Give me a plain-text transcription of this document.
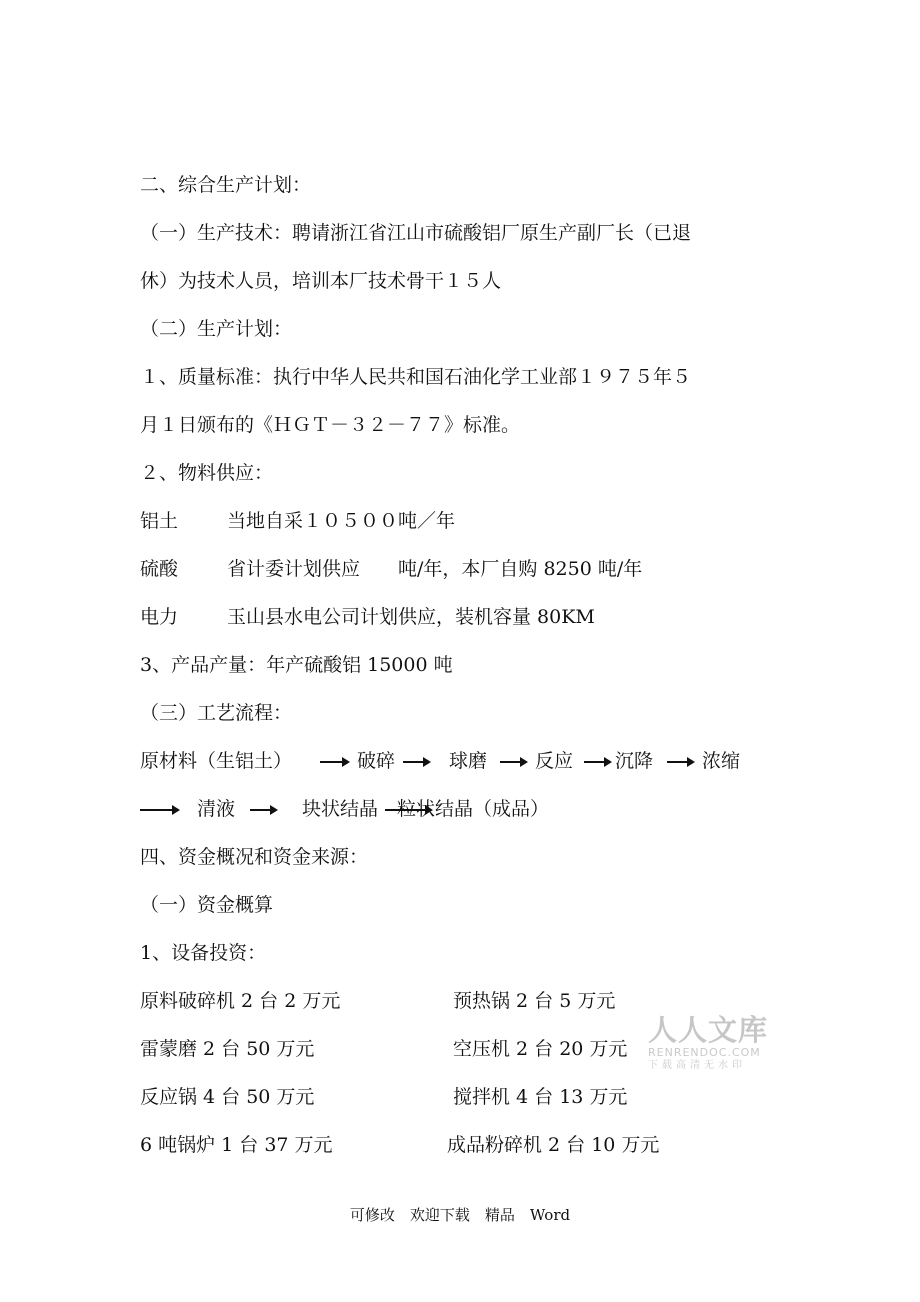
二、综合生产计划：
（一）生产技术：聘请浙江省江山市硫酸铝厂原生产副厂长（已退
休）为技术人员，培训本厂技术骨干１５人
（二）生产计划：
１、质量标准：执行中华人民共和国石油化学工业部１９７５年５
月１日颁布的《ＨＧＴ－３２－７７》标准。
２、物料供应：
铝土	当地自采１０５００吨／年
硫酸	省计委计划供应　　吨/年，本厂自购 8250 吨/年
电力	玉山县水电公司计划供应，装机容量 80KM
3、产品产量：年产硫酸铝 15000 吨
（三）工艺流程：
原材料（生铝土）	破碎	球磨	反应 沉降	浓缩
清液	块状结晶 粒状结晶（成品）
四、资金概况和资金来源：
（一）资金概算
1、设备投资：
原料破碎机 2 台 2 万元	预热锅 2 台 5 万元
雷蒙磨 2 台 50 万元	空压机 2 台 20 万元
反应锅 4 台 50 万元	搅拌机 4 台 13 万元
6 吨锅炉 1 台 37 万元	成品粉碎机 2 台 10 万元
人人文库
RENRENDOC.COM
下载高清无水印
可修改　欢迎下载　精品　Word
